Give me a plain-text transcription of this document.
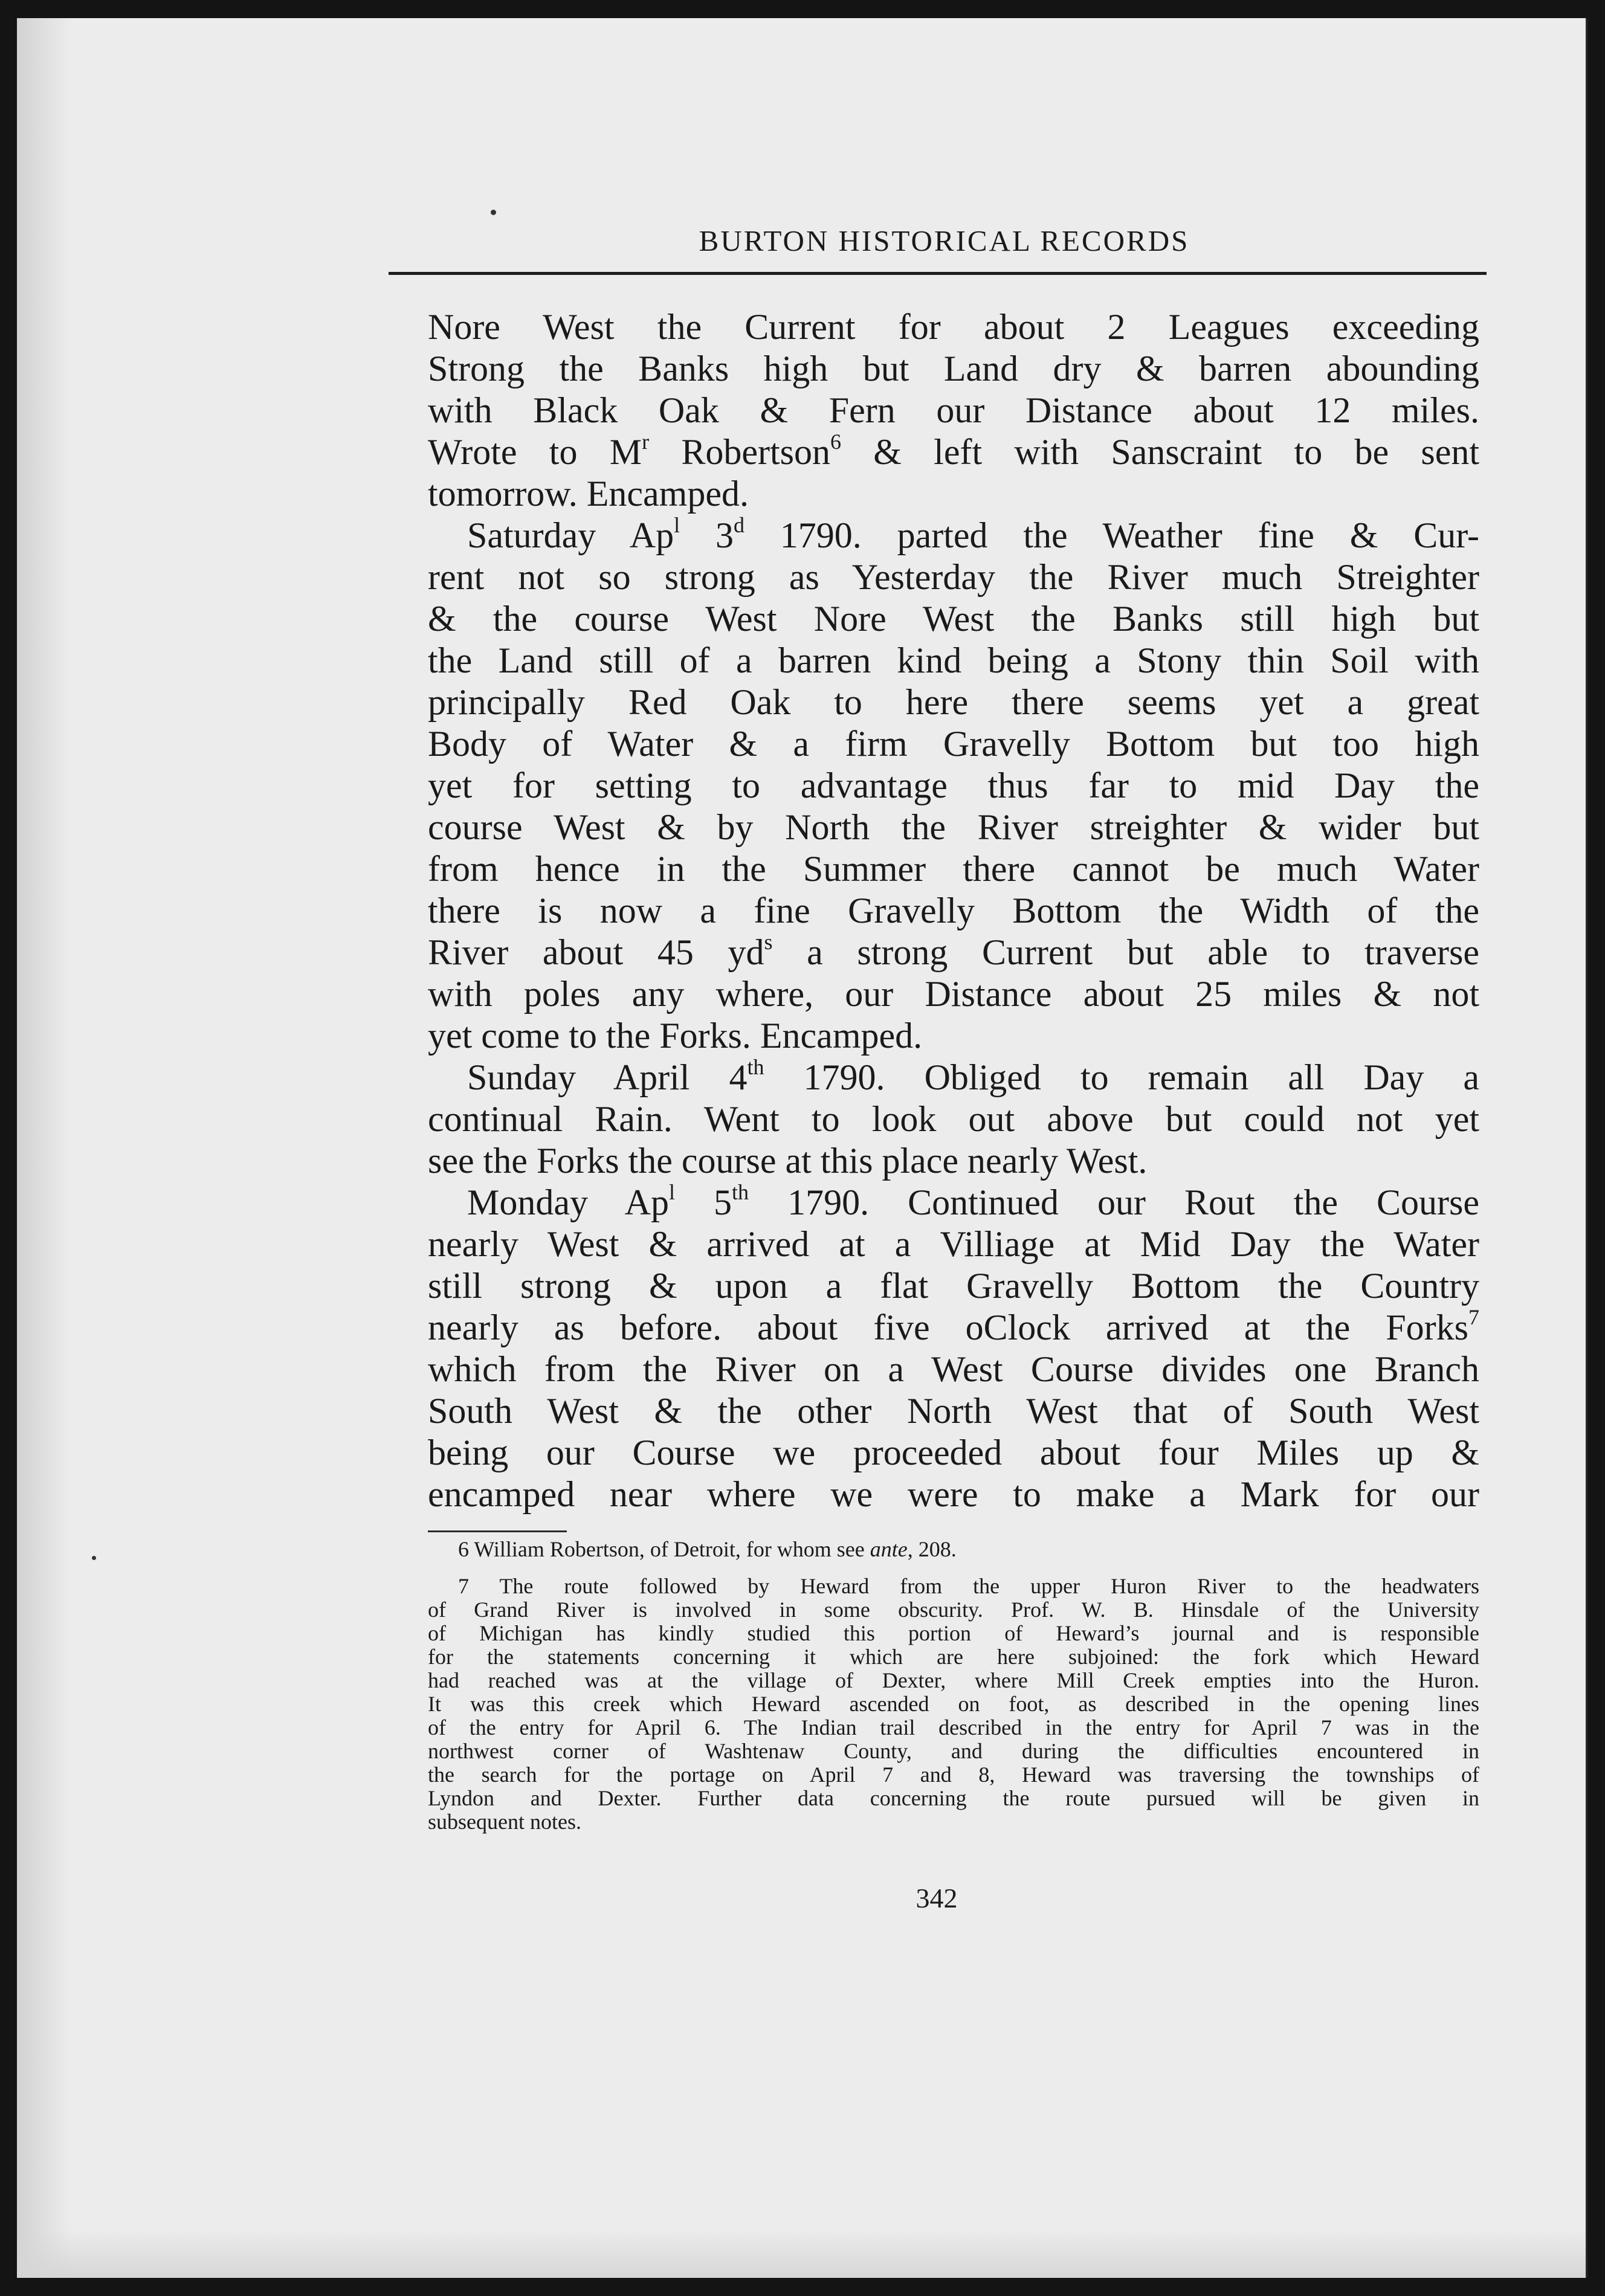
BURTON HISTORICAL RECORDS
Nore West the Current for about 2 Leagues exceeding
Strong the Banks high but Land dry & barren abounding
with Black Oak & Fern our Distance about 12 miles.
Wrote to $M^r$ Robertson$^6$ & left with Sanscraint to be sent
tomorrow. Encamped.
Saturday Ap$^l$ 3$^d$ 1790. parted the Weather fine & Cur-
rent not so strong as Yesterday the River much Streighter
& the course West Nore West the Banks still high but
the Land still of a barren kind being a Stony thin Soil with
principally Red Oak to here there seems yet a great
Body of Water & a firm Gravelly Bottom but too high
yet for setting to advantage thus far to mid Day the
course West & by North the River streighter & wider but
from hence in the Summer there cannot be much Water
there is now a fine Gravelly Bottom the Width of the
River about 45 $yd^s$ a strong Current but able to traverse
with poles any where, our Distance about 25 miles & not
yet come to the Forks. Encamped.
Sunday April 4th 1790. Obliged to remain all Day a
continual Rain. Went to look out above but could not yet
see the Forks the course at this place nearly West.
Monday Ap$^l$ 5th 1790. Continued our Rout the Course
nearly West & arrived at a Villiage at Mid Day the Water
still strong & upon a flat Gravelly Bottom the Country
nearly as before. about five oClock arrived at the Forks$^7$
which from the River on a West Course divides one Branch
South West & the other North West that of South West
being our Course we proceeded about four Miles up &
encamped near where we were to make a Mark for our
6 William Robertson, of Detroit, for whom see ante, 208.
7 The route followed by Heward from the upper Huron River to the headwaters
of Grand River is involved in some obscurity. Prof. W. B. Hinsdale of the University
of Michigan has kindly studied this portion of Heward’s journal and is responsible
for the statements concerning it which are here subjoined: the fork which Heward
had reached was at the village of Dexter, where Mill Creek empties into the Huron.
It was this creek which Heward ascended on foot, as described in the opening lines
of the entry for April 6. The Indian trail described in the entry for April 7 was in the
northwest corner of Washtenaw County, and during the difficulties encountered in
the search for the portage on April 7 and 8, Heward was traversing the townships of
Lyndon and Dexter. Further data concerning the route pursued will be given in
subsequent notes.
342
